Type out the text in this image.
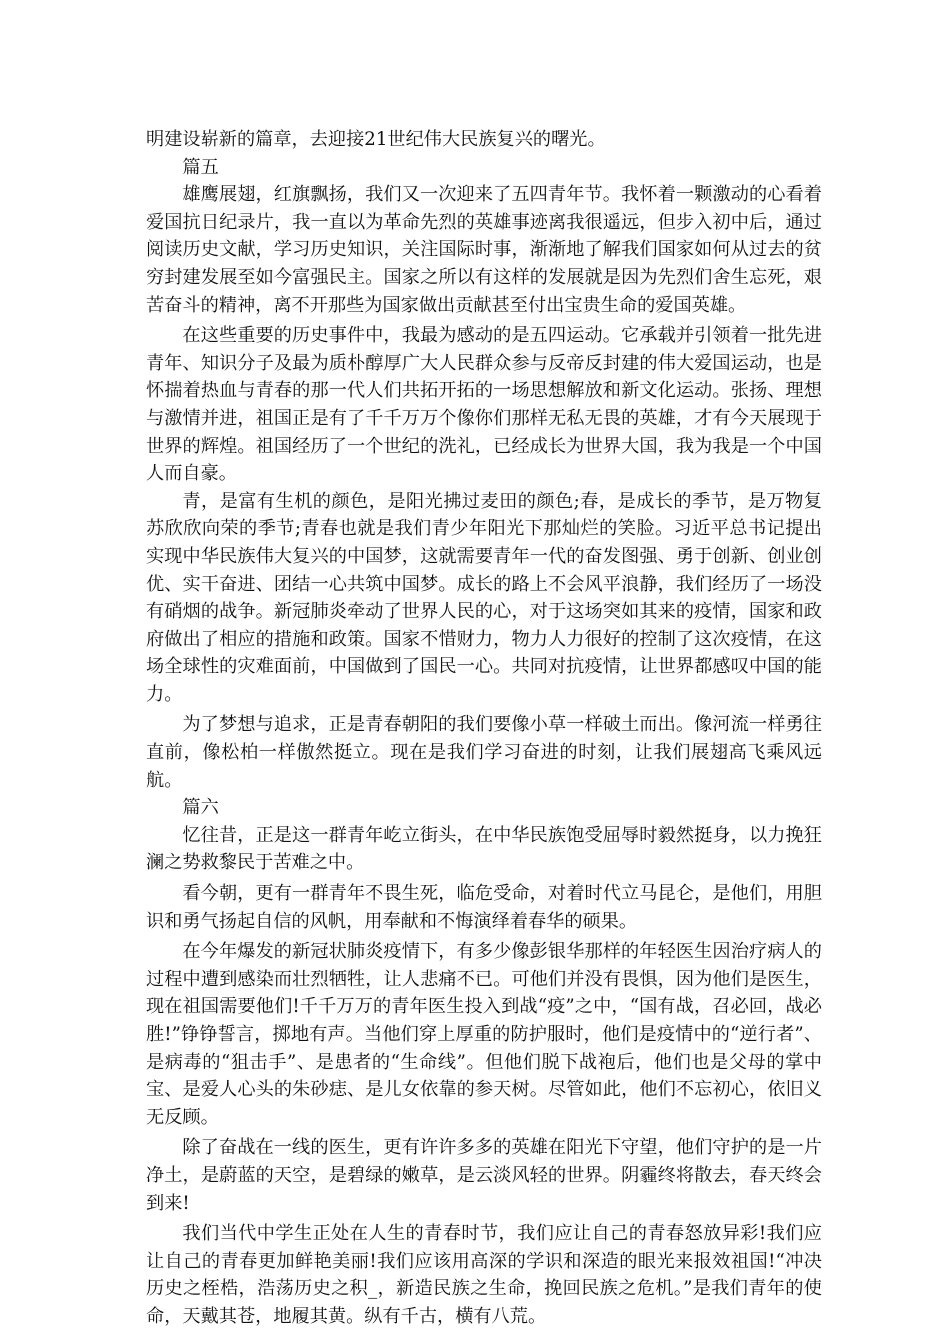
明建设崭新的篇章，去迎接21世纪伟大民族复兴的曙光。

篇五

雄鹰展翅，红旗飘扬，我们又一次迎来了五四青年节。我怀着一颗激动的心看着爱国抗日纪录片，我一直以为革命先烈的英雄事迹离我很遥远，但步入初中后，通过阅读历史文献，学习历史知识，关注国际时事，渐渐地了解我们国家如何从过去的贫穷封建发展至如今富强民主。国家之所以有这样的发展就是因为先烈们舍生忘死，艰苦奋斗的精神，离不开那些为国家做出贡献甚至付出宝贵生命的爱国英雄。

在这些重要的历史事件中，我最为感动的是五四运动。它承载并引领着一批先进青年、知识分子及最为质朴醇厚广大人民群众参与反帝反封建的伟大爱国运动，也是怀揣着热血与青春的那一代人们共拓开拓的一场思想解放和新文化运动。张扬、理想与激情并进，祖国正是有了千千万万个像你们那样无私无畏的英雄，才有今天展现于世界的辉煌。祖国经历了一个世纪的洗礼，已经成长为世界大国，我为我是一个中国人而自豪。

青，是富有生机的颜色，是阳光拂过麦田的颜色;春，是成长的季节，是万物复苏欣欣向荣的季节;青春也就是我们青少年阳光下那灿烂的笑脸。习近平总书记提出实现中华民族伟大复兴的中国梦，这就需要青年一代的奋发图强、勇于创新、创业创优、实干奋进、团结一心共筑中国梦。成长的路上不会风平浪静，我们经历了一场没有硝烟的战争。新冠肺炎牵动了世界人民的心，对于这场突如其来的疫情，国家和政府做出了相应的措施和政策。国家不惜财力，物力人力很好的控制了这次疫情，在这场全球性的灾难面前，中国做到了国民一心。共同对抗疫情，让世界都感叹中国的能力。

为了梦想与追求，正是青春朝阳的我们要像小草一样破土而出。像河流一样勇往直前，像松柏一样傲然挺立。现在是我们学习奋进的时刻，让我们展翅高飞乘风远航。

篇六

忆往昔，正是这一群青年屹立街头，在中华民族饱受屈辱时毅然挺身，以力挽狂澜之势救黎民于苦难之中。

看今朝，更有一群青年不畏生死，临危受命，对着时代立马昆仑，是他们，用胆识和勇气扬起自信的风帆，用奉献和不悔演绎着春华的硕果。

在今年爆发的新冠状肺炎疫情下，有多少像彭银华那样的年轻医生因治疗病人的过程中遭到感染而壮烈牺牲，让人悲痛不已。可他们并没有畏惧，因为他们是医生，现在祖国需要他们!千千万万的青年医生投入到战“疫”之中，“国有战，召必回，战必胜!”铮铮誓言，掷地有声。当他们穿上厚重的防护服时，他们是疫情中的“逆行者”、是病毒的“狙击手”、是患者的“生命线”。但他们脱下战袍后，他们也是父母的掌中宝、是爱人心头的朱砂痣、是儿女依靠的参天树。尽管如此，他们不忘初心，依旧义无反顾。

除了奋战在一线的医生，更有许许多多的英雄在阳光下守望，他们守护的是一片净土，是蔚蓝的天空，是碧绿的嫩草，是云淡风轻的世界。阴霾终将散去，春天终会到来!

我们当代中学生正处在人生的青春时节，我们应让自己的青春怒放异彩!我们应让自己的青春更加鲜艳美丽!我们应该用高深的学识和深造的眼光来报效祖国!“冲决历史之桎梏，浩荡历史之积_，新造民族之生命，挽回民族之危机。”是我们青年的使命，天戴其苍，地履其黄。纵有千古，横有八荒。
